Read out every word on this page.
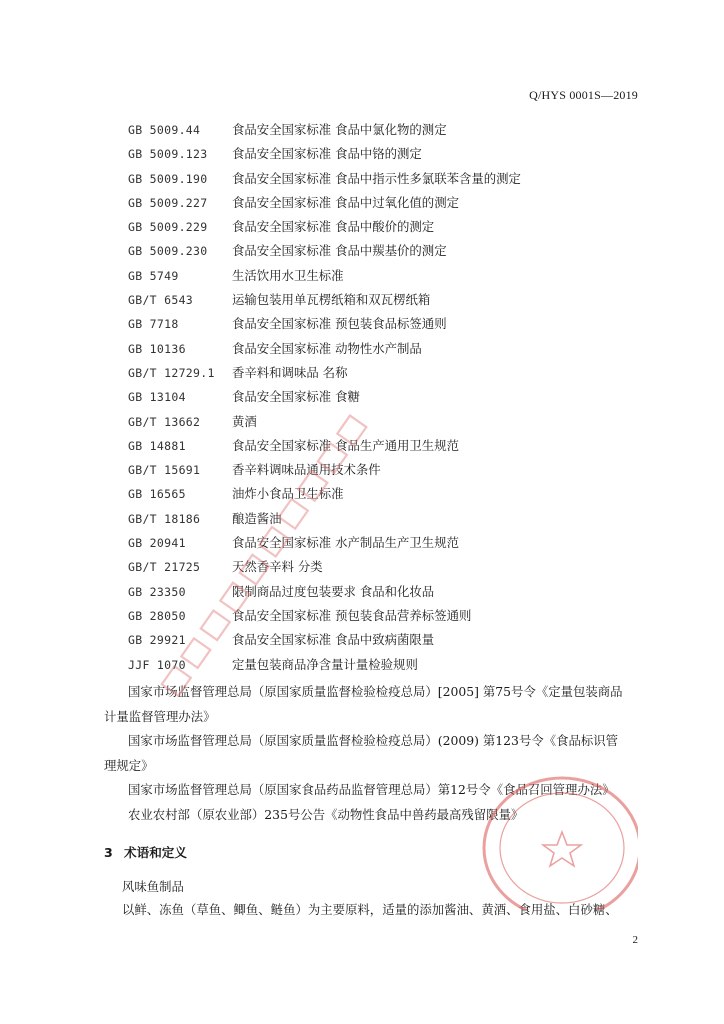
Q/HYS 0001S—2019
GB 5009.44	食品安全国家标准 食品中氯化物的测定
GB 5009.123 食品安全国家标准 食品中铬的测定
GB 5009.190 食品安全国家标准 食品中指示性多氯联苯含量的测定
GB 5009.227 食品安全国家标准 食品中过氧化值的测定
GB 5009.229 食品安全国家标准 食品中酸价的测定
GB 5009.230 食品安全国家标准 食品中羰基价的测定
GB 5749	生活饮用水卫生标准
GB/T 6543	运输包装用单瓦楞纸箱和双瓦楞纸箱
GB 7718	食品安全国家标准 预包装食品标签通则
GB 10136	食品安全国家标准 动物性水产制品
GB/T 12729.1 香辛料和调味品 名称
GB 13104	食品安全国家标准 食糖
GB/T 13662	黄酒
GB 14881	食品安全国家标准 食品生产通用卫生规范
GB/T 15691	香辛料调味品通用技术条件
GB 16565	油炸小食品卫生标准
GB/T 18186	酿造酱油
GB 20941	食品安全国家标准 水产制品生产卫生规范
GB/T 21725	天然香辛料 分类
GB 23350	限制商品过度包装要求 食品和化妆品
GB 28050	食品安全国家标准 预包装食品营养标签通则
GB 29921	食品安全国家标准 食品中致病菌限量
JJF 1070	定量包装商品净含量计量检验规则
国家市场监督管理总局（原国家质量监督检验检疫总局）[2005] 第75号令《定量包装商品
计量监督管理办法》
国家市场监督管理总局（原国家质量监督检验检疫总局）(2009) 第123号令《食品标识管
理规定》
国家市场监督管理总局（原国家食品药品监督管理总局）第12号令《食品召回管理办法》
农业农村部（原农业部）235号公告《动物性食品中兽药最高残留限量》
3 术语和定义
风味鱼制品
以鲜、冻鱼（草鱼、鲫鱼、鲢鱼）为主要原料，适量的添加酱油、黄酒、食用盐、白砂糖、
2
